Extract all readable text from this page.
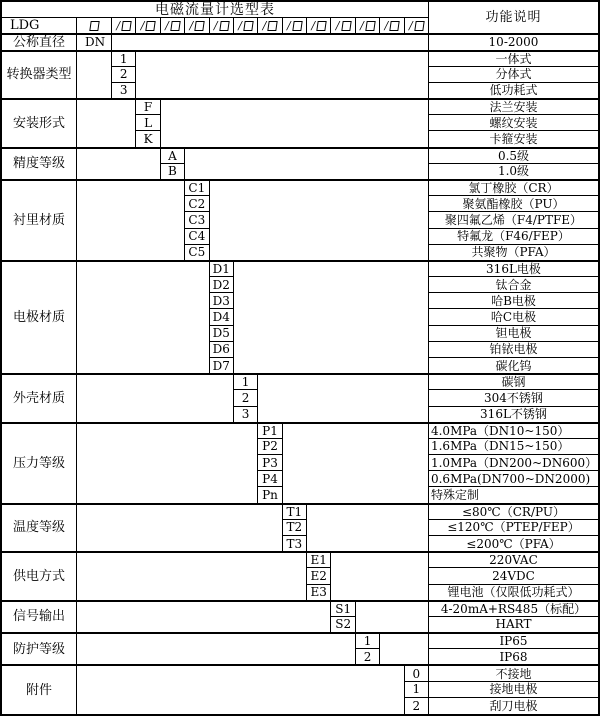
电磁流量计选型表
功能说明
LDG	/ / / / / / / / / / / / /
公称直径	DN	10-2000
转换器类型
1	一体式
2	分体式
3	低功耗式
安装形式
F	法兰安装
L	螺纹安装
K	卡箍安装
精度等级
A	0.5级
B	1.0级
衬里材质
C1	氯丁橡胶（CR）
C2	聚氨酯橡胶（PU）
C3	聚四氟乙烯（F4/PTFE）
C4	特氟龙（F46/FEP）
C5	共聚物（PFA）
电极材质
D1	316L电极
D2	钛合金
D3	哈B电极
D4	哈C电极
D5	钽电极
D6	铂铱电极
D7	碳化钨
外壳材质
1	碳钢
2	304不锈钢
3	316L不锈钢
压力等级
P1	4.0MPa（DN10~150）
P2	1.6MPa（DN15~150）
P3	1.0MPa（DN200~DN600）
P4	0.6MPa(DN700~DN2000)
Pn	特殊定制
温度等级
T1	≤80℃（CR/PU）
T2	≤120℃（PTEP/FEP）
T3	≤200℃（PFA）
供电方式
E1	220VAC
E2	24VDC
E3	锂电池（仅限低功耗式）
信号输出
S1	4-20mA+RS485（标配）
S2	HART
防护等级
1	IP65
2	IP68
附件
0	不接地
1	接地电极
2	刮刀电极
